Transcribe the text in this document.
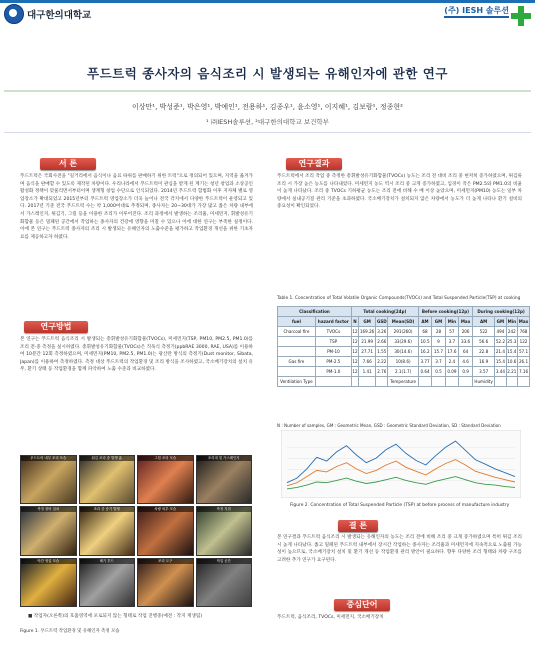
대구한의대학교	(주) IESH 솔루션
푸드트럭 종사자의 음식조리 시 발생되는 유해인자에 관한 연구
이상만¹, 박성준¹, 박은영¹, 박예인¹, 전용하¹, 김종우¹, 윤소영¹, 이지혜¹, 김보람¹, 정종현²
¹ ㈜IESH솔루션, ²대구한의대학교 보건학부
서 론
푸드트럭은 국회사전을 "길거리에서 음식이나 음료 따위를 판매하기 위한 트럭"으로 정의되어 있으며, 지역을 옮겨가며 음식을 판매할 수 있도록 제작된 차량이다. 우리나라에서 푸드트럭이 관심을 받게 된 계기는 청년 창업과 소상공인 활성화 정책이 맞물리면서부터이며 생계형 창업 수단으로 인식되었다. 2014년 푸드트럭 합법화 이후 지자체 별로 영업장소가 확대되었고 2015년부터 푸드트럭 영업장소가 더욱 늘어나 전국 각지에서 다양한 푸드트럭이 운영되고 있다. 2017년 기준 전국 푸드트럭 수는 약 1,000여대로 추정되며, 종사자는 20~30대가 가장 많고 좁은 차량 내부에서 가스레인지, 튀김기, 그릴 등을 이용한 조리가 이루어진다. 조리 과정에서 발생하는 조리흄, 미세먼지, 휘발성유기화합물 등은 밀폐된 공간에서 작업하는 종사자의 건강에 영향을 미칠 수 있으나 이에 대한 연구는 부족한 실정이다. 이에 본 연구는 푸드트럭 종사자의 조리 시 발생되는 유해인자의 노출수준을 평가하고 작업환경 개선을 위한 기초자료를 제공하고자 하였다.
연구방법
본 연구는 푸드트럭 음식조리 시 발생되는 총휘발성유기화합물(TVOCs), 미세먼지(TSP, PM10, PM2.5, PM1.0)를 조리 전·중 측정을 실시하였다. 총휘발성유기화합물(TVOCs)은 직독식 측정기(ppbRAE 3000, RAE, USA)를 이용하여 10분간 12회 측정하였으며, 미세먼지(PM10, PM2.5, PM1.0)는 광산란 방식의 측정기(Dust monitor, Sibata, Japan)를 이용하여 측정하였다. 측정 대상 푸드트럭의 작업환경 및 조리 방식을 조사하였고, 국소배기장치의 설치 유무, 환기 상태 등 작업환경을 함께 파악하여 노출 수준과 비교하였다.
푸드트럭 내부 조리 모습	튀김 조리 중 발생 흄	그릴 조리 모습	조리대 및 가스레인지
측정 장비 설치	조리 중 증기 발생	차량 외부 모습	측정 지점
야간 영업 모습	배기 후드	조리 도구	작업 공간
■ 작업자(오른쪽)의 호흡영역에 포로되지 않는 형태로 작업 진행중(예전 : 작지 재생됨)
Figure 1. 푸드트럭 작업환경 및 유해인자 측정 모습
연구결과
푸드트럭에서 조리 작업 중 측정한 총휘발성유기화합물(TVOCs) 농도는 조리 전 대비 조리 중 현저히 증가하였으며, 튀김류 조리 시 가장 높은 농도를 나타내었다. 미세먼지 농도 역시 조리 중 크게 증가하였고, 입경이 작은 PM2.5와 PM1.0의 비율이 높게 나타났다. 조리 중 TVOCs 기하평균 농도는 조리 전에 비해 수 배 이상 높았으며, 미세먼지(PM10) 농도는 일부 차량에서 실내공기질 관리 기준을 초과하였다. 국소배기장치가 설치되지 않은 차량에서 농도가 더 높게 나타나 환기 설비의 중요성이 확인되었다.
Table 1. Concentration of Total Volatile Organic Compounds(TVOCs) and Total Suspended Particle(TSP) at cooking
Classification		Total cooking(24p)				Before cooking(12p)				During cooking(12p)			
fuel	hazard factor	N	GM	GSD	Mean(SD)	AM	GM	Min	Max	AM	GM	Min	Max
Charcoal fire	TVOCs	12	169.26	3.26	291(260)	68	28	57	206	522	494	242	768
	TSP	12	21.99	2.66	33(29.6)	10.5	9	3.7	33.6	56.6	52.2	25.3	122
	PM-10	12	27.71	1.55	30(14.6)	16.2	15.7	17.6	64	22.8	21.4	15.4	57.1
Gas fire	PM-2.5	12	7.66	2.22	10(8.6)	3.77	3.7	2.4	4.6	16.9	15.4	10.6	26.1
	PM-1.0	12	1.41	2.76	2.1(1.7)	0.64	0.5	0.09	0.9	3.57	3.44	2.21	7.16
Ventilation Type					Temperature					Humidity			
N : Number of samples, GM : Geometric Mean, GSD : Geometric Standard Deviation, SD : Standard Deviation
Figure 2. Concentration of Total Suspended Particle (TSP) at before process of manufacture industry
결 론
본 연구결과 푸드트럭 음식조리 시 발생되는 유해인자의 농도는 조리 전에 비해 조리 중 크게 증가하였으며 특히 튀김 조리 시 높게 나타났다. 좁고 밀폐된 푸드트럭 내부에서 장시간 작업하는 종사자는 조리흄과 미세먼지에 지속적으로 노출될 가능성이 높으므로, 국소배기장치 설치 및 환기 개선 등 작업환경 관리 방안이 필요하다. 향후 다양한 조리 형태와 차량 구조를 고려한 추가 연구가 요구된다.
중심단어
푸드트럭, 음식조리, TVOCs, 미세먼지, 국소배기장치
